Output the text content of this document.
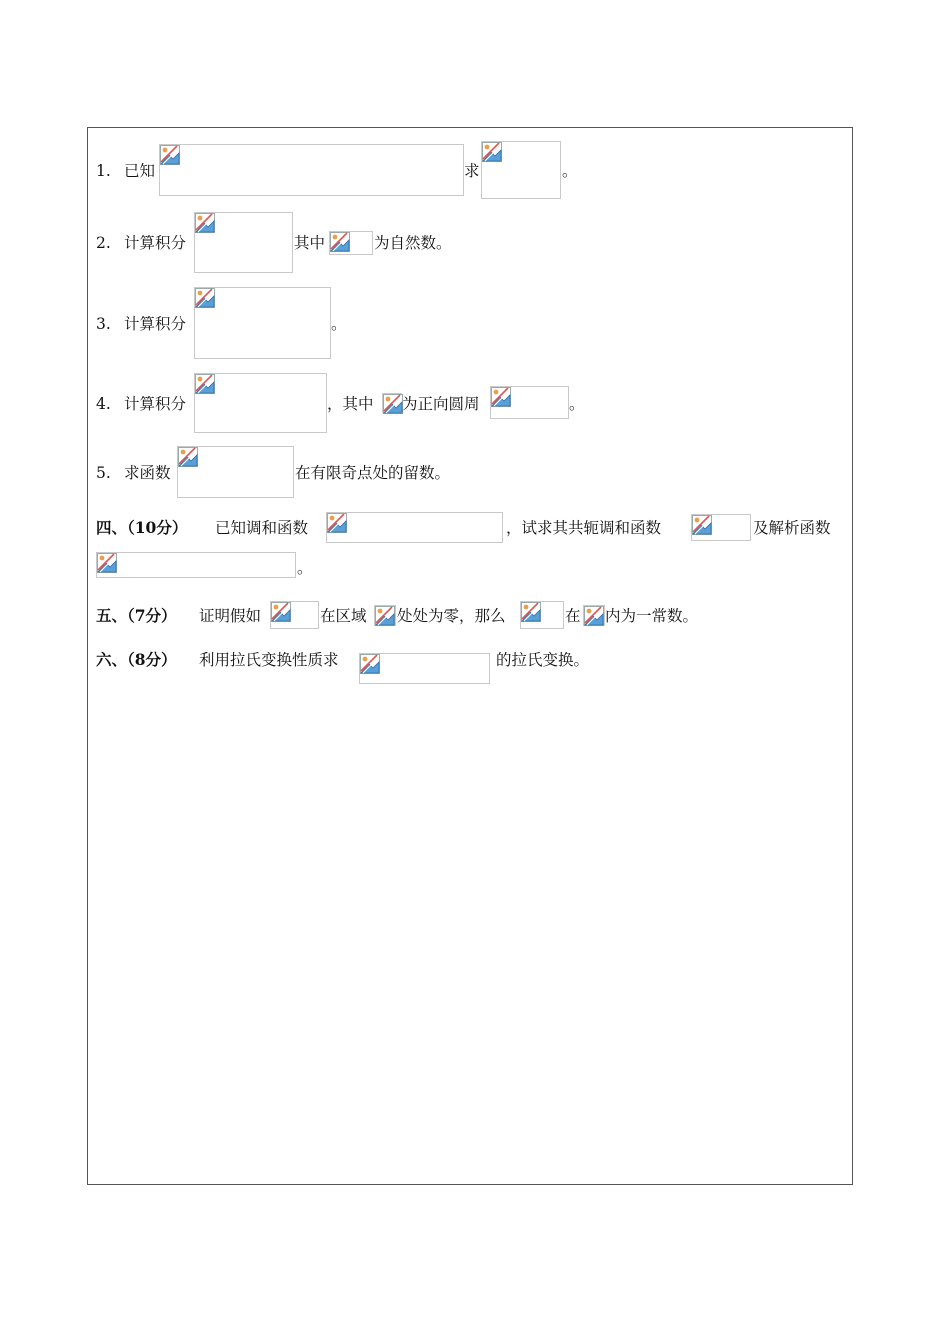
1. 已知	求	。
2. 计算积分	其中	为自然数。
3. 计算积分	。
4. 计算积分	，其中 为正向圆周	。
5. 求函数	在有限奇点处的留数。
四、（10分） 已知调和函数	，试求其共轭调和函数	及解析函数
。
五、（7分） 证明假如	在区域 处处为零，那么	在 内为一常数。
六、（8分） 利用拉氏变换性质求	的拉氏变换。
